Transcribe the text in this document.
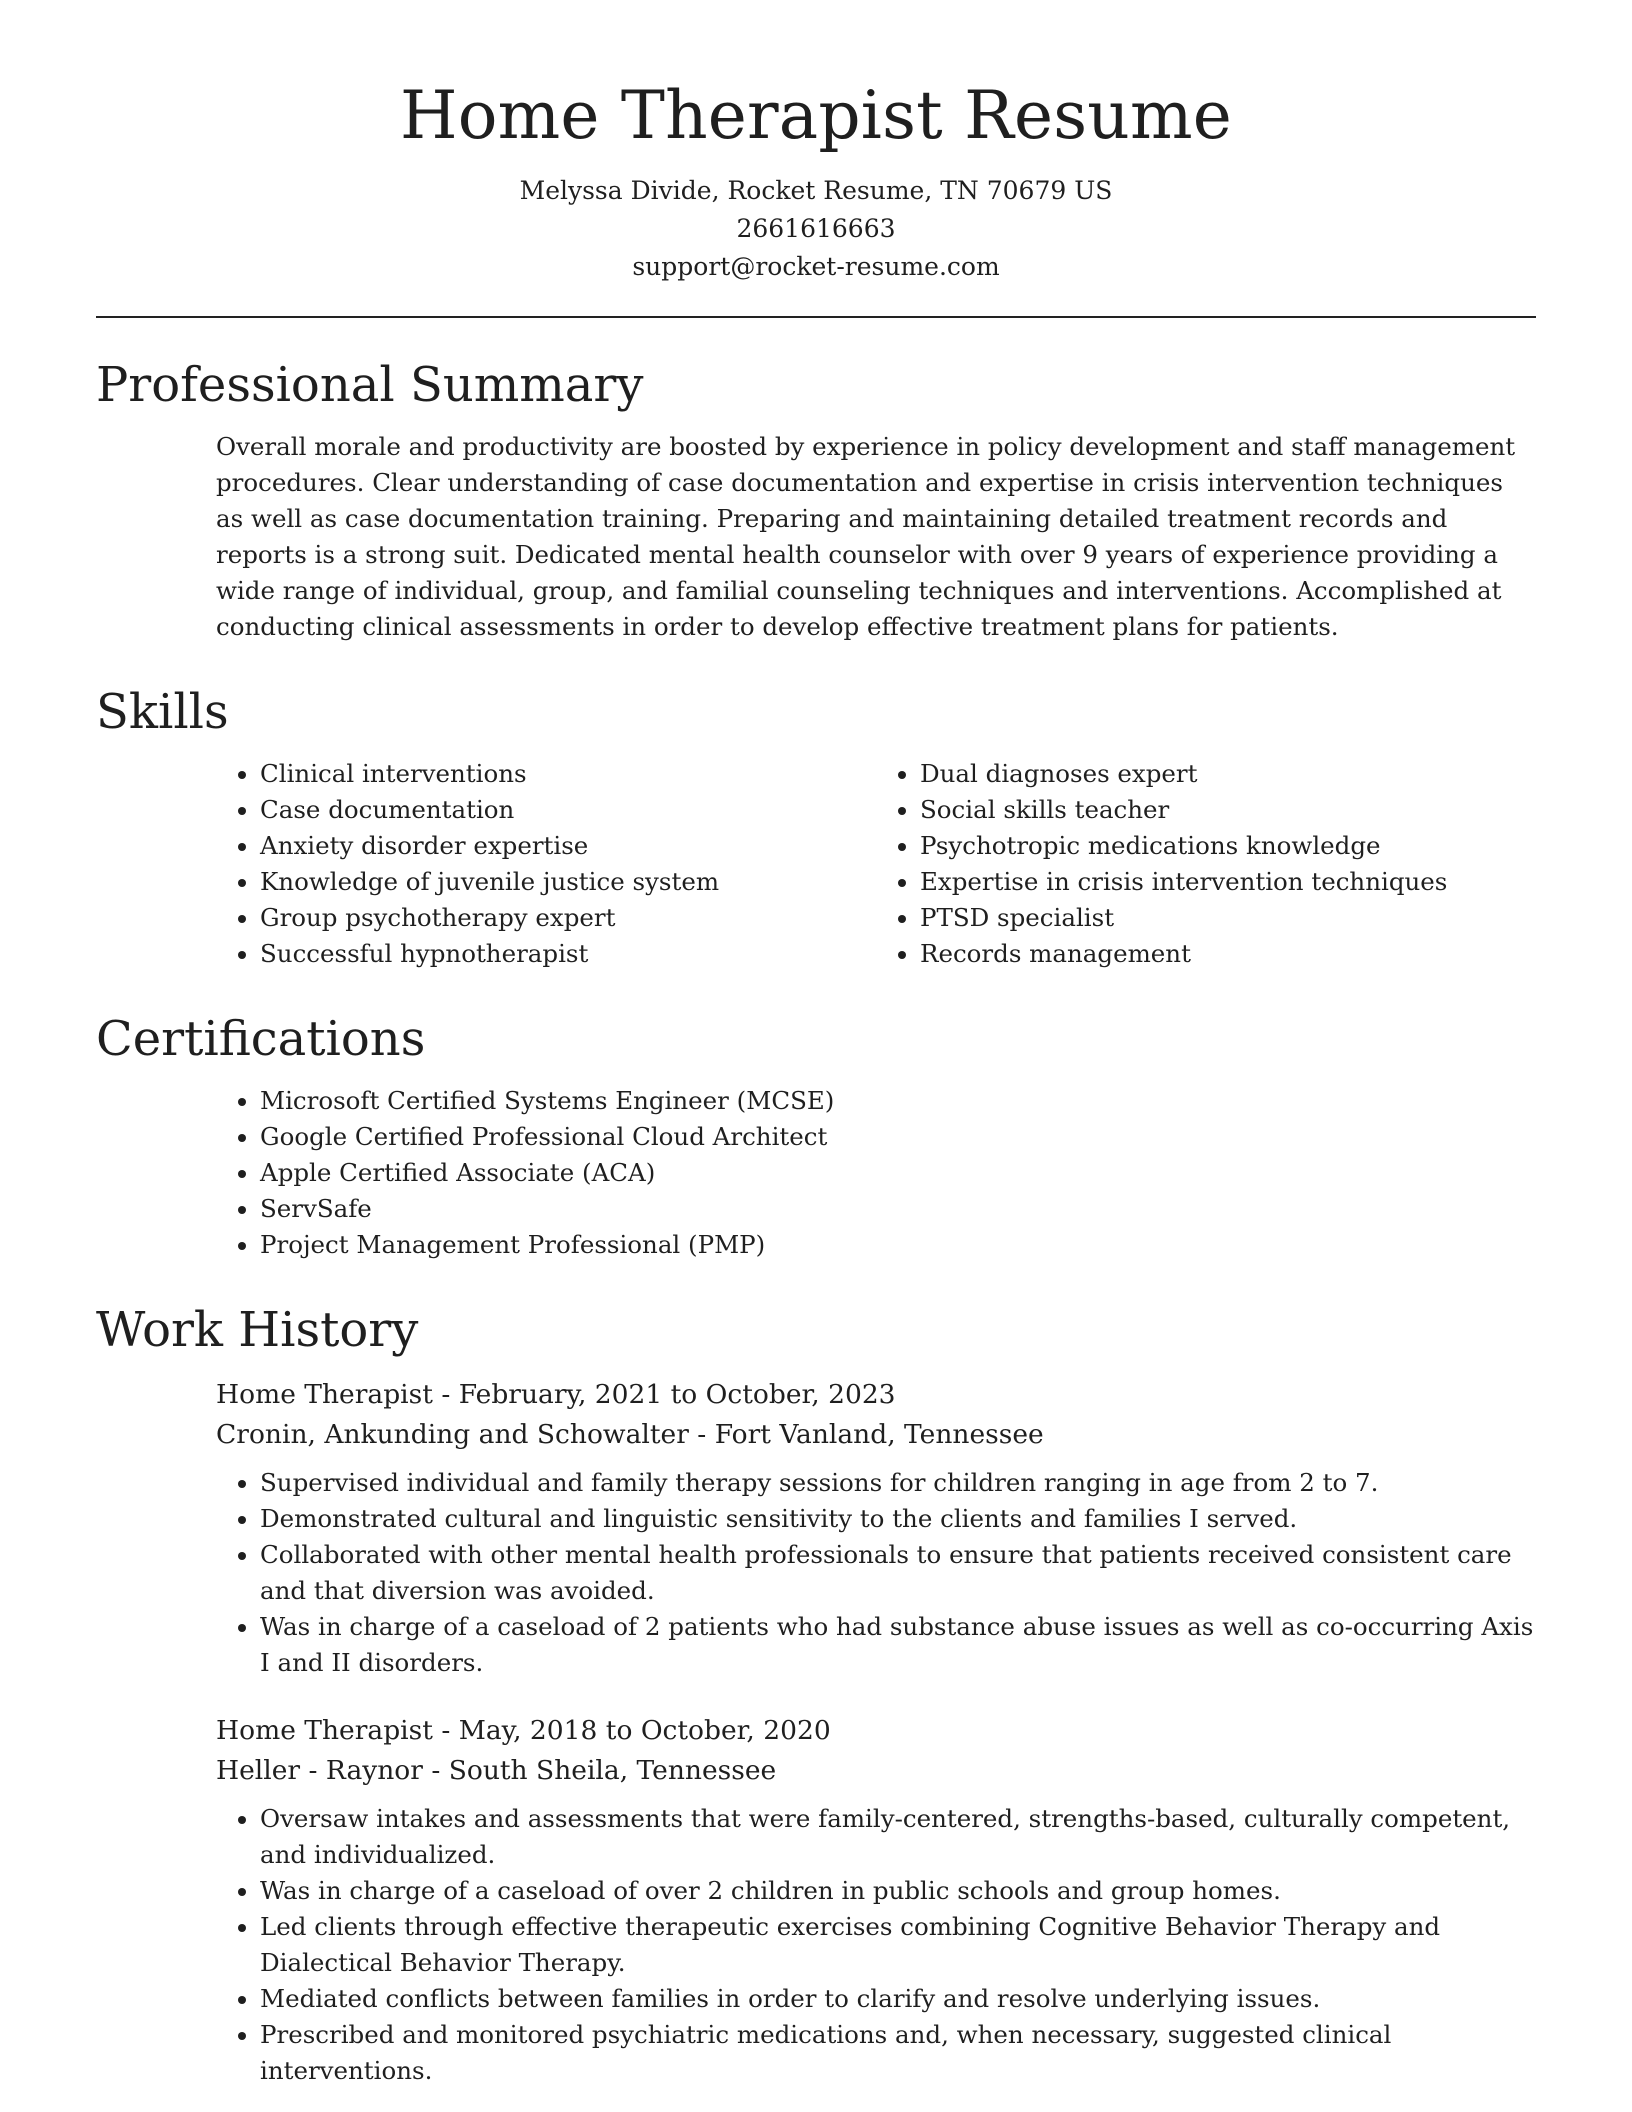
Home Therapist Resume
Melyssa Divide, Rocket Resume, TN 70679 US
2661616663
support@rocket-resume.com
Professional Summary

Overall morale and productivity are boosted by experience in policy development and staff management procedures. Clear understanding of case documentation and expertise in crisis intervention techniques as well as case documentation training. Preparing and maintaining detailed treatment records and reports is a strong suit. Dedicated mental health counselor with over 9 years of experience providing a wide range of individual, group, and familial counseling techniques and interventions. Accomplished at conducting clinical assessments in order to develop effective treatment plans for patients.

Skills
• Clinical interventions
• Case documentation
• Anxiety disorder expertise
• Knowledge of juvenile justice system
• Group psychotherapy expert
• Successful hypnotherapist
• Dual diagnoses expert
• Social skills teacher
• Psychotropic medications knowledge
• Expertise in crisis intervention techniques
• PTSD specialist
• Records management
Certifications
• Microsoft Certified Systems Engineer (MCSE)
• Google Certified Professional Cloud Architect
• Apple Certified Associate (ACA)
• ServSafe
• Project Management Professional (PMP)
Work History
Home Therapist - February, 2021 to October, 2023
Cronin, Ankunding and Schowalter - Fort Vanland, Tennessee
• Supervised individual and family therapy sessions for children ranging in age from 2 to 7.
• Demonstrated cultural and linguistic sensitivity to the clients and families I served.
• Collaborated with other mental health professionals to ensure that patients received consistent care and that diversion was avoided.
• Was in charge of a caseload of 2 patients who had substance abuse issues as well as co-occurring Axis I and II disorders.
Home Therapist - May, 2018 to October, 2020
Heller - Raynor - South Sheila, Tennessee
• Oversaw intakes and assessments that were family-centered, strengths-based, culturally competent, and individualized.
• Was in charge of a caseload of over 2 children in public schools and group homes.
• Led clients through effective therapeutic exercises combining Cognitive Behavior Therapy and Dialectical Behavior Therapy.
• Mediated conflicts between families in order to clarify and resolve underlying issues.
• Prescribed and monitored psychiatric medications and, when necessary, suggested clinical interventions.
